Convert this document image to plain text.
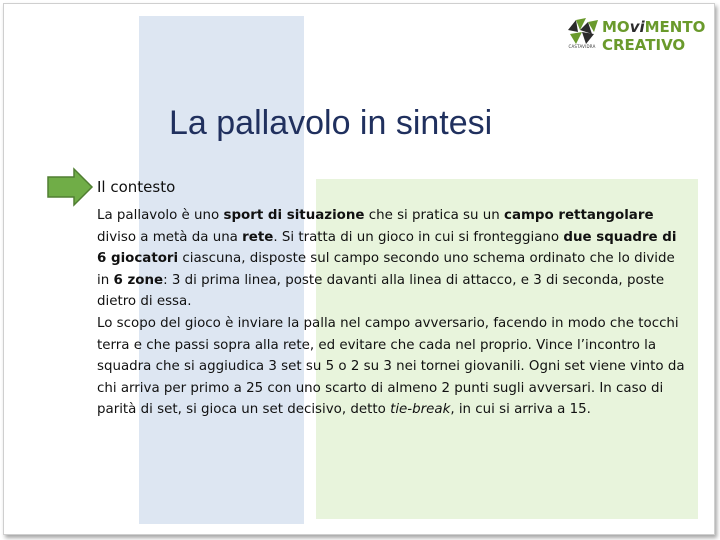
CASTAVIDRA
MOviMENTO
CREATIVO
La pallavolo in sintesi
Il contesto

La pallavolo è uno sport di situazione che si pratica su un campo rettangolare diviso a metà da una rete. Si tratta di un gioco in cui si fronteggiano due squadre di 6 giocatori ciascuna, disposte sul campo secondo uno schema ordinato che lo divide in 6 zone: 3 di prima linea, poste davanti alla linea di attacco, e 3 di seconda, poste dietro di essa.

Lo scopo del gioco è inviare la palla nel campo avversario, facendo in modo che tocchi terra e che passi sopra alla rete, ed evitare che cada nel proprio. Vince l’incontro la squadra che si aggiudica 3 set su 5 o 2 su 3 nei tornei giovanili. Ogni set viene vinto da chi arriva per primo a 25 con uno scarto di almeno 2 punti sugli avversari. In caso di parità di set, si gioca un set decisivo, detto tie-break, in cui si arriva a 15.
